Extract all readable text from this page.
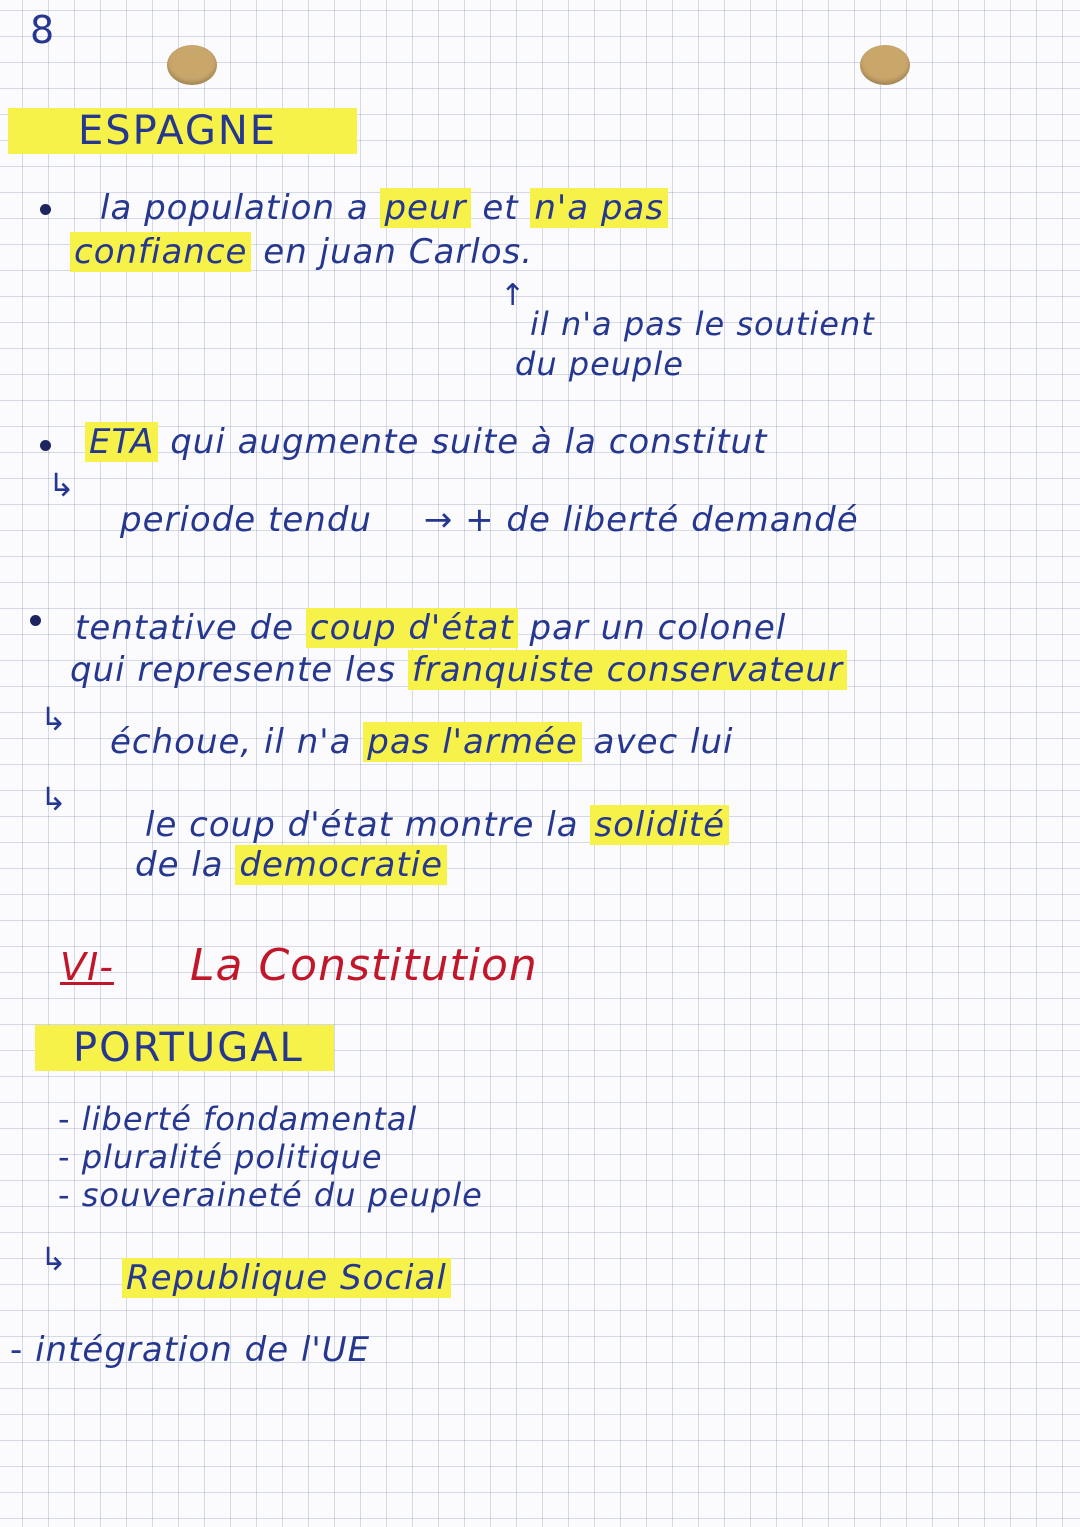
8
ESPAGNE
la population a peur et n'a pas
confiance en juan Carlos.
↑
il n'a pas le soutient
du peuple
ETA qui augmente suite à la constitut
↳
periode tendu → + de liberté demandé
tentative de coup d'état par un colonel
qui represente les franquiste conservateur
↳
échoue, il n'a pas l'armée avec lui
↳
le coup d'état montre la solidité
de la democratie
VI- La Constitution
PORTUGAL
- liberté fondamental
- pluralité politique
- souveraineté du peuple
↳ Republique Social
- intégration de l'UE
